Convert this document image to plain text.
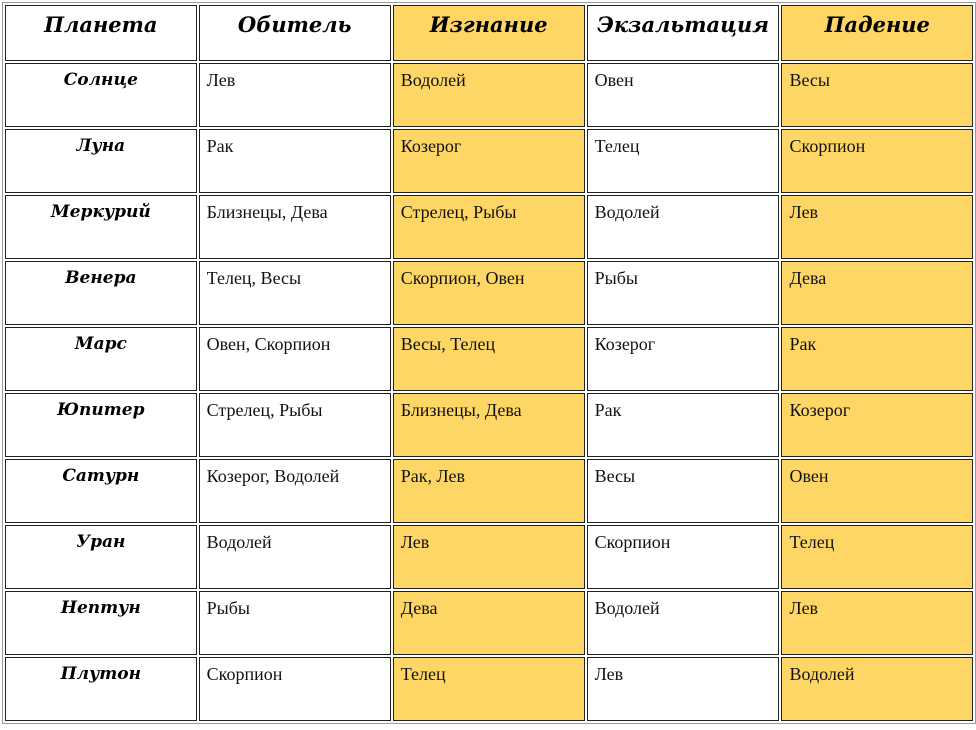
Планета	Обитель	Изгнание	Экзальтация	Падение
Солнце	Лев	Водолей	Овен	Весы
Луна	Рак	Козерог	Телец	Скорпион
Меркурий	Близнецы, Дева	Стрелец, Рыбы	Водолей	Лев
Венера	Телец, Весы	Скорпион, Овен	Рыбы	Дева
Марс	Овен, Скорпион	Весы, Телец	Козерог	Рак
Юпитер	Стрелец, Рыбы	Близнецы, Дева	Рак	Козерог
Сатурн	Козерог, Водолей	Рак, Лев	Весы	Овен
Уран	Водолей	Лев	Скорпион	Телец
Нептун	Рыбы	Дева	Водолей	Лев
Плутон	Скорпион	Телец	Лев	Водолей
